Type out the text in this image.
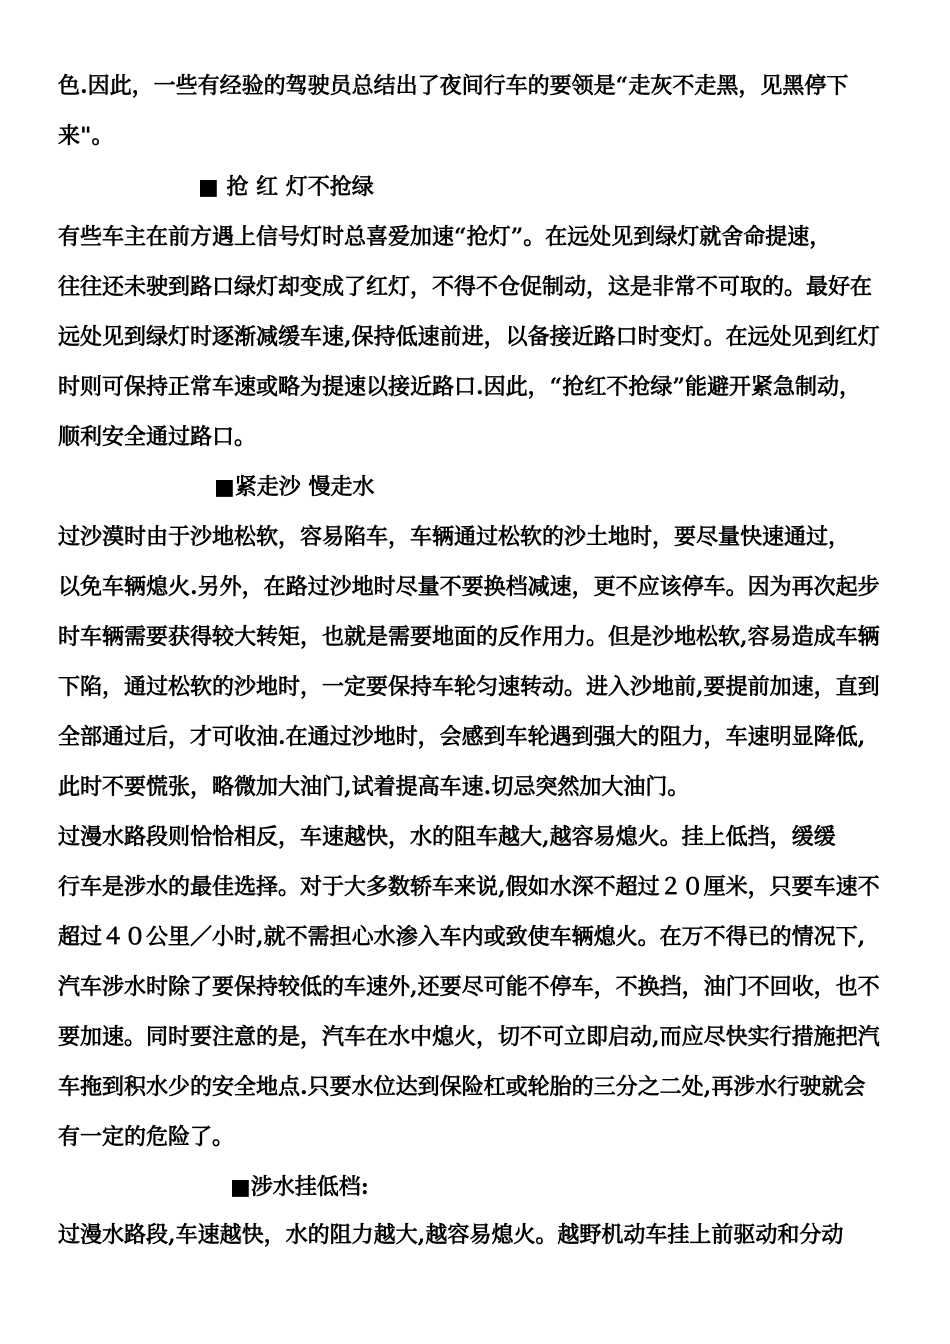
色.因此，一些有经验的驾驶员总结出了夜间行车的要领是“走灰不走黑，见黑停下
来"。
■ 抢 红 灯不抢绿
有些车主在前方遇上信号灯时总喜爱加速“抢灯”。在远处见到绿灯就舍命提速，
往往还未驶到路口绿灯却变成了红灯，不得不仓促制动，这是非常不可取的。最好在
远处见到绿灯时逐渐减缓车速,保持低速前进，以备接近路口时变灯。在远处见到红灯
时则可保持正常车速或略为提速以接近路口.因此，“抢红不抢绿”能避开紧急制动，
顺利安全通过路口。
■紧走沙 慢走水
过沙漠时由于沙地松软，容易陷车，车辆通过松软的沙土地时，要尽量快速通过，
以免车辆熄火.另外，在路过沙地时尽量不要换档减速，更不应该停车。因为再次起步
时车辆需要获得较大转矩，也就是需要地面的反作用力。但是沙地松软,容易造成车辆
下陷，通过松软的沙地时，一定要保持车轮匀速转动。进入沙地前,要提前加速，直到
全部通过后，才可收油.在通过沙地时，会感到车轮遇到强大的阻力，车速明显降低,
此时不要慌张，略微加大油门,试着提高车速.切忌突然加大油门。
过漫水路段则恰恰相反，车速越快，水的阻车越大,越容易熄火。挂上低挡，缓缓
行车是涉水的最佳选择。对于大多数轿车来说,假如水深不超过２０厘米，只要车速不
超过４０公里／小时,就不需担心水渗入车内或致使车辆熄火。在万不得已的情况下,
汽车涉水时除了要保持较低的车速外,还要尽可能不停车，不换挡，油门不回收，也不
要加速。同时要注意的是，汽车在水中熄火，切不可立即启动,而应尽快实行措施把汽
车拖到积水少的安全地点.只要水位达到保险杠或轮胎的三分之二处,再涉水行驶就会
有一定的危险了。
■涉水挂低档:
过漫水路段,车速越快，水的阻力越大,越容易熄火。越野机动车挂上前驱动和分动
